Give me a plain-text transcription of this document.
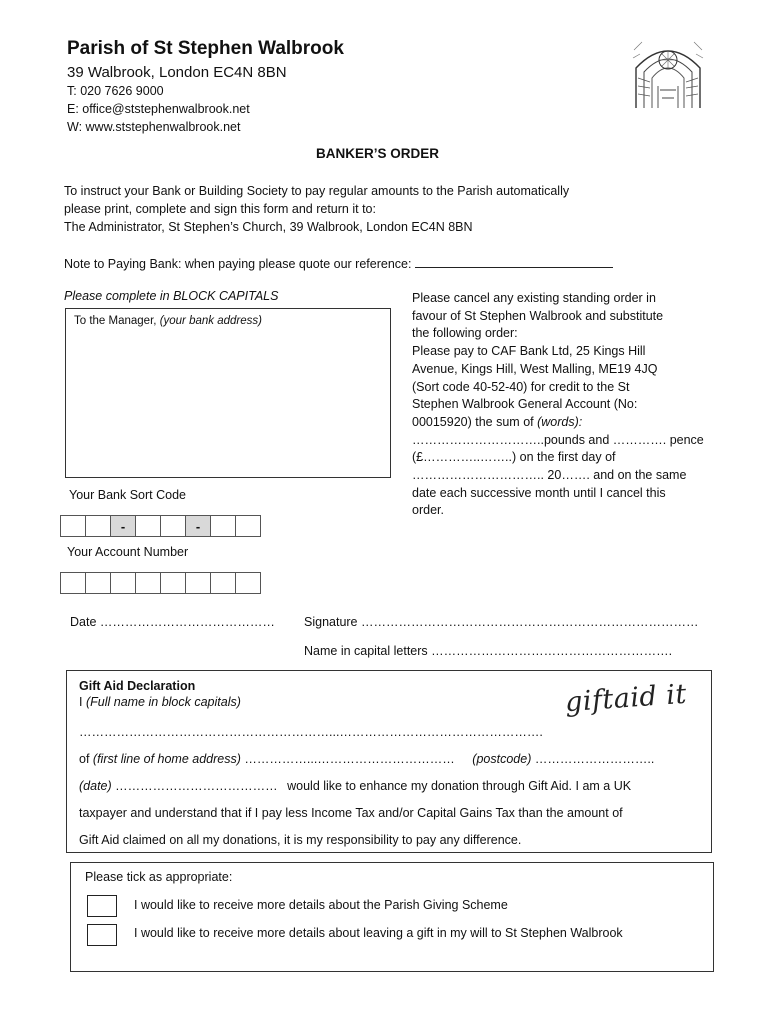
Parish of St Stephen Walbrook
39 Walbrook, London EC4N 8BN
T: 020 7626 9000
E: office@ststephenwalbrook.net
W: www.ststephenwalbrook.net
BANKER’S ORDER
To instruct your Bank or Building Society to pay regular amounts to the Parish automatically
please print, complete and sign this form and return it to:
The Administrator, St Stephen’s Church, 39 Walbrook, London EC4N 8BN
Note to Paying Bank: when paying please quote our reference:
Please complete in BLOCK CAPITALS
To the Manager, (your bank address)
Please cancel any existing standing order in
favour of St Stephen Walbrook and substitute
the following order:
Please pay to CAF Bank Ltd, 25 Kings Hill
Avenue, Kings Hill, West Malling, ME19 4JQ
(Sort code 40-52-40) for credit to the St
Stephen Walbrook General Account (No:
00015920) the sum of (words):
…………………………..pounds and …………. pence
(£…………..……..) on the first day of
………………………….. 20……. and on the same
date each successive month until I cancel this
order.
Your Bank Sort Code
-	-
Your Account Number
Date …………………………………… Signature ………………………………………………………………………
Name in capital letters ………………………………………………….
Gift Aid Declaration
I (Full name in block capitals)	giftaid it
……………………………………………………...………………………………………….
of (first line of home address) ……………...…………………………… (postcode) ………………………..
(date) ………………………………… would like to enhance my donation through Gift Aid. I am a UK
taxpayer and understand that if I pay less Income Tax and/or Capital Gains Tax than the amount of
Gift Aid claimed on all my donations, it is my responsibility to pay any difference.
Please tick as appropriate:
I would like to receive more details about the Parish Giving Scheme
I would like to receive more details about leaving a gift in my will to St Stephen Walbrook
